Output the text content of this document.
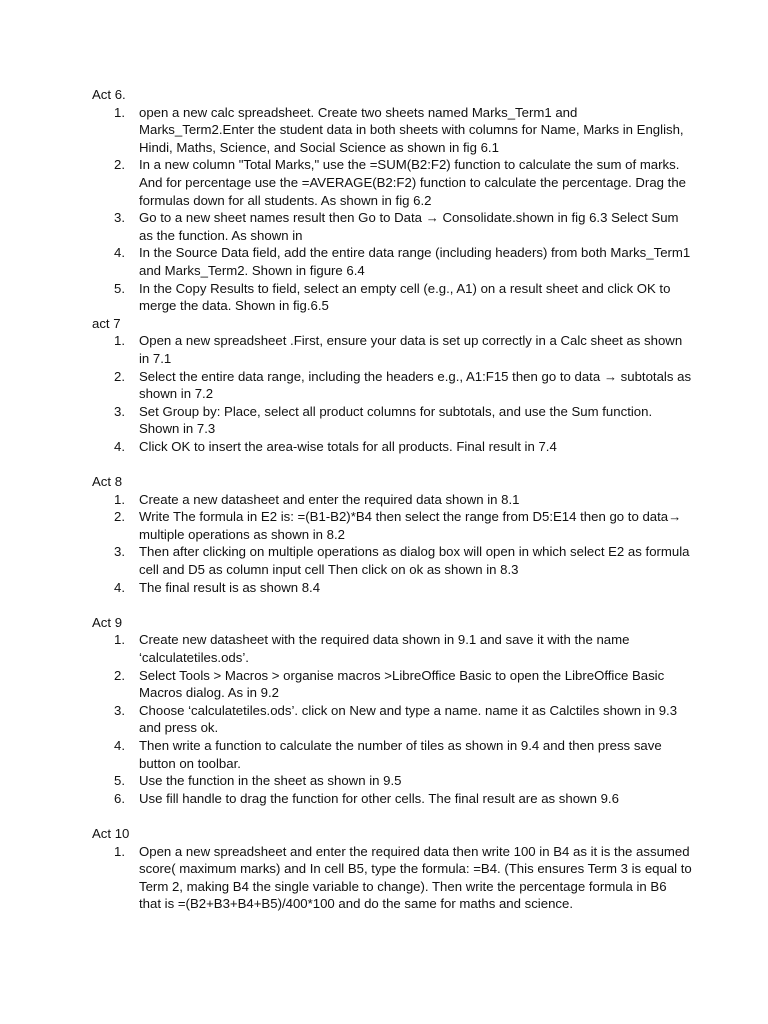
Act 6.

1.	open a new calc spreadsheet. Create two sheets named Marks_Term1 and Marks_Term2.Enter the student data in both sheets with columns for Name, Marks in English, Hindi, Maths, Science, and Social Science as shown in fig 6.1
2.	In a new column "Total Marks," use the =SUM(B2:F2) function to calculate the sum of marks. And for percentage use the =AVERAGE(B2:F2) function to calculate the percentage. Drag the formulas down for all students. As shown in fig 6.2
3.	Go to a new sheet names result then Go to Data → Consolidate.shown in fig 6.3 Select Sum as the function. As shown in
4.	In the Source Data field, add the entire data range (including headers) from both Marks_Term1 and Marks_Term2. Shown in figure 6.4
5.	In the Copy Results to field, select an empty cell (e.g., A1) on a result sheet and click OK to merge the data. Shown in fig.6.5

act 7

1.	Open a new spreadsheet .First, ensure your data is set up correctly in a Calc sheet as shown in 7.1
2.	Select the entire data range, including the headers e.g., A1:F15 then go to data → subtotals as shown in 7.2
3.	Set Group by: Place, select all product columns for subtotals, and use the Sum function. Shown in 7.3
4.	Click OK to insert the area-wise totals for all products. Final result in 7.4

Act 8

1.	Create a new datasheet and enter the required data shown in 8.1
2.	Write The formula in E2 is: =(B1-B2)*B4 then select the range from D5:E14 then go to data→ multiple operations as shown in 8.2
3.	Then after clicking on multiple operations as dialog box will open in which select E2 as formula cell and D5 as column input cell Then click on ok as shown in 8.3
4.	The final result is as shown 8.4

Act 9

1.	Create new datasheet with the required data shown in 9.1 and save it with the name ‘calculatetiles.ods’.
2.	Select Tools > Macros > organise macros >LibreOffice Basic to open the LibreOffice Basic Macros dialog. As in 9.2
3.	Choose ‘calculatetiles.ods’. click on New and type a name. name it as Calctiles shown in 9.3 and press ok.
4.	Then write a function to calculate the number of tiles as shown in 9.4 and then press save button on toolbar.
5.	Use the function in the sheet as shown in 9.5
6.	Use fill handle to drag the function for other cells. The final result are as shown 9.6

Act 10

1.	Open a new spreadsheet and enter the required data then write 100 in B4 as it is the assumed score( maximum marks) and In cell B5, type the formula: =B4. (This ensures Term 3 is equal to Term 2, making B4 the single variable to change). Then write the percentage formula in B6 that is =(B2+B3+B4+B5)/400*100 and do the same for maths and science.
